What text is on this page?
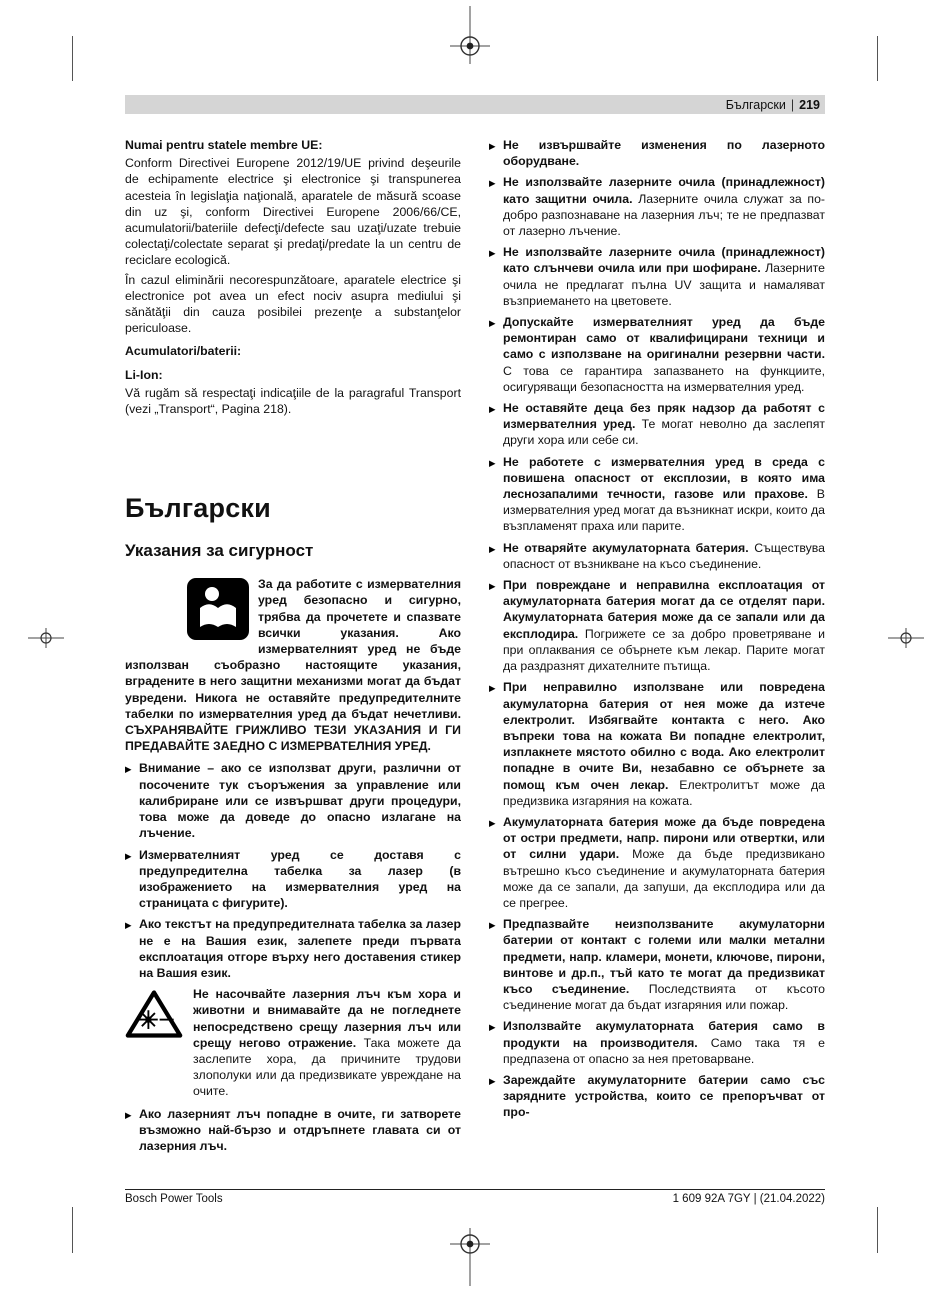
Български | 219

Numai pentru statele membre UE:

Conform Directivei Europene 2012/19/UE privind deşeurile de echipamente electrice şi electronice şi transpunerea acesteia în legislaţia naţională, aparatele de măsură scoase din uz şi, conform Directivei Europene 2006/66/CE, acumulatorii/bateriile defecţi/defecte sau uzaţi/uzate trebuie colectaţi/colectate separat şi predaţi/predate la un centru de reciclare ecologică.

În cazul eliminării necorespunzătoare, aparatele electrice şi electronice pot avea un efect nociv asupra mediului şi sănătăţii din cauza posibilei prezenţe a substanţelor periculoase.

Acumulatori/baterii:

Li-Ion:

Vă rugăm să respectaţi indicaţiile de la paragraful Transport (vezi „Transport“, Pagina 218).

Български
Указания за сигурност

За да работите с измервателния уред безопасно и сигурно, трябва да прочетете и спазвате всички указания. Ако измервателният уред не бъде използван съобразно настоящите указания, вградените в него защитни механизми могат да бъдат увредени. Никога не оставяйте предупредителните табелки по измервателния уред да бъдат нечетливи. СЪХРАНЯВАЙТЕ ГРИЖЛИВО ТЕЗИ УКАЗАНИЯ И ГИ ПРЕДАВАЙТЕ ЗАЕДНО С ИЗМЕРВАТЕЛНИЯ УРЕД.

▶ Внимание – ако се използват други, различни от посочените тук съоръжения за управление или калибриране или се извършват други процедури, това може да доведе до опасно излагане на лъчение.

▶ Измервателният уред се доставя с предупредителна табелка за лазер (в изображението на измервателния уред на страницата с фигурите).

▶ Ако текстът на предупредителната табелка за лазер не е на Вашия език, залепете преди първата експлоатация отгоре върху него доставения стикер на Вашия език.

Не насочвайте лазерния лъч към хора и животни и внимавайте да не погледнете непосредствено срещу лазерния лъч или срещу негово отражение. Така можете да заслепите хора, да причините трудови злополуки или да предизвикате увреждане на очите.

▶ Ако лазерният лъч попадне в очите, ги затворете възможно най-бързо и отдръпнете главата си от лазерния лъч.

▶ Не извършвайте изменения по лазерното оборудване.

▶ Не използвайте лазерните очила (принадлежност) като защитни очила. Лазерните очила служат за по-добро разпознаване на лазерния лъч; те не предпазват от лазерно лъчение.

▶ Не използвайте лазерните очила (принадлежност) като слънчеви очила или при шофиране. Лазерните очила не предлагат пълна UV защита и намаляват възприемането на цветовете.

▶ Допускайте измервателният уред да бъде ремонтиран само от квалифицирани техници и само с използване на оригинални резервни части. С това се гарантира запазването на функциите, осигуряващи безопасността на измервателния уред.

▶ Не оставяйте деца без пряк надзор да работят с измервателния уред. Те могат неволно да заслепят други хора или себе си.

▶ Не работете с измервателния уред в среда с повишена опасност от експлозии, в която има леснозапалими течности, газове или прахове. В измервателния уред могат да възникнат искри, които да възпламенят праха или парите.

▶ Не отваряйте акумулаторната батерия. Съществува опасност от възникване на късо съединение.

▶ При повреждане и неправилна експлоатация от акумулаторната батерия могат да се отделят пари. Акумулаторната батерия може да се запали или да експлодира. Погрижете се за добро проветряване и при оплаквания се обърнете към лекар. Парите могат да раздразнят дихателните пътища.

▶ При неправилно използване или повредена акумулаторна батерия от нея може да изтече електролит. Избягвайте контакта с него. Ако въпреки това на кожата Ви попадне електролит, изплакнете мястото обилно с вода. Ако електролит попадне в очите Ви, незабавно се обърнете за помощ към очен лекар. Електролитът може да предизвика изгаряния на кожата.

▶ Акумулаторната батерия може да бъде повредена от остри предмети, напр. пирони или отвертки, или от силни удари. Може да бъде предизвикано вътрешно късо съединение и акумулаторната батерия може да се запали, да запуши, да експлодира или да се прегрее.

▶ Предпазвайте неизползваните акумулаторни батерии от контакт с големи или малки метални предмети, напр. кламери, монети, ключове, пирони, винтове и др.п., тъй като те могат да предизвикат късо съединение. Последствията от късото съединение могат да бъдат изгаряния или пожар.

▶ Използвайте акумулаторната батерия само в продукти на производителя. Само така тя е предпазена от опасно за нея претоварване.

▶ Зареждайте акумулаторните батерии само със зарядните устройства, които се препоръчват от про-

Bosch Power Tools	1 609 92A 7GY | (21.04.2022)
